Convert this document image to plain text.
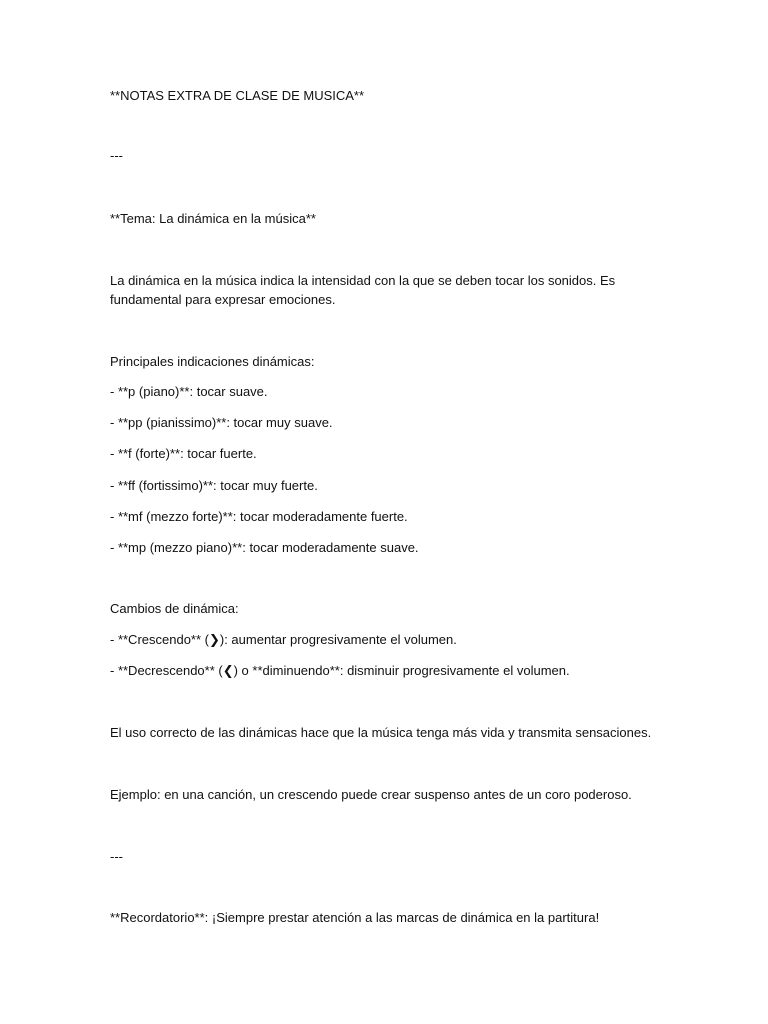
**NOTAS EXTRA DE CLASE DE MUSICA**
---
**Tema: La dinámica en la música**
La dinámica en la música indica la intensidad con la que se deben tocar los sonidos. Es fundamental para expresar emociones.
Principales indicaciones dinámicas:
- **p (piano)**: tocar suave.
- **pp (pianissimo)**: tocar muy suave.
- **f (forte)**: tocar fuerte.
- **ff (fortissimo)**: tocar muy fuerte.
- **mf (mezzo forte)**: tocar moderadamente fuerte.
- **mp (mezzo piano)**: tocar moderadamente suave.
Cambios de dinámica:
- **Crescendo** (❯): aumentar progresivamente el volumen.
- **Decrescendo** (❮) o **diminuendo**: disminuir progresivamente el volumen.
El uso correcto de las dinámicas hace que la música tenga más vida y transmita sensaciones.
Ejemplo: en una canción, un crescendo puede crear suspenso antes de un coro poderoso.
---
**Recordatorio**: ¡Siempre prestar atención a las marcas de dinámica en la partitura!
